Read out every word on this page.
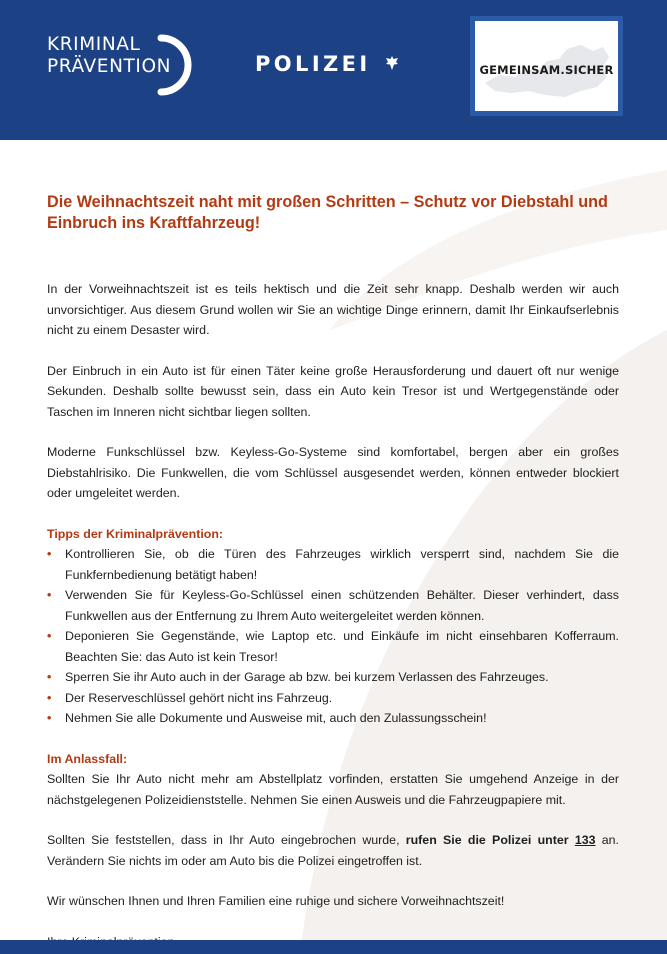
KRIMINAL
PRÄVENTION	POLIZEI	GEMEINSAM.SICHER
Die Weihnachtszeit naht mit großen Schritten – Schutz vor Diebstahl und Einbruch ins Kraftfahrzeug!

In der Vorweihnachtszeit ist es teils hektisch und die Zeit sehr knapp. Deshalb werden wir auch unvorsichtiger. Aus diesem Grund wollen wir Sie an wichtige Dinge erinnern, damit Ihr Einkaufserlebnis nicht zu einem Desaster wird.

Der Einbruch in ein Auto ist für einen Täter keine große Herausforderung und dauert oft nur wenige Sekunden. Deshalb sollte bewusst sein, dass ein Auto kein Tresor ist und Wertgegenstände oder Taschen im Inneren nicht sichtbar liegen sollten.

Moderne Funkschlüssel bzw. Keyless-Go-Systeme sind komfortabel, bergen aber ein großes Diebstahlrisiko. Die Funkwellen, die vom Schlüssel ausgesendet werden, können entweder blockiert oder umgeleitet werden.

Tipps der Kriminalprävention:
• Kontrollieren Sie, ob die Türen des Fahrzeuges wirklich versperrt sind, nachdem Sie die Funkfernbedienung betätigt haben!
• Verwenden Sie für Keyless-Go-Schlüssel einen schützenden Behälter. Dieser verhindert, dass Funkwellen aus der Entfernung zu Ihrem Auto weitergeleitet werden können.
• Deponieren Sie Gegenstände, wie Laptop etc. und Einkäufe im nicht einsehbaren Kofferraum. Beachten Sie: das Auto ist kein Tresor!
• Sperren Sie ihr Auto auch in der Garage ab bzw. bei kurzem Verlassen des Fahrzeuges.
• Der Reserveschlüssel gehört nicht ins Fahrzeug.
• Nehmen Sie alle Dokumente und Ausweise mit, auch den Zulassungsschein!
Im Anlassfall:

Sollten Sie Ihr Auto nicht mehr am Abstellplatz vorfinden, erstatten Sie umgehend Anzeige in der nächstgelegenen Polizeidienststelle. Nehmen Sie einen Ausweis und die Fahrzeugpapiere mit.

Sollten Sie feststellen, dass in Ihr Auto eingebrochen wurde, rufen Sie die Polizei unter 133 an. Verändern Sie nichts im oder am Auto bis die Polizei eingetroffen ist.

Wir wünschen Ihnen und Ihren Familien eine ruhige und sichere Vorweihnachtszeit!
